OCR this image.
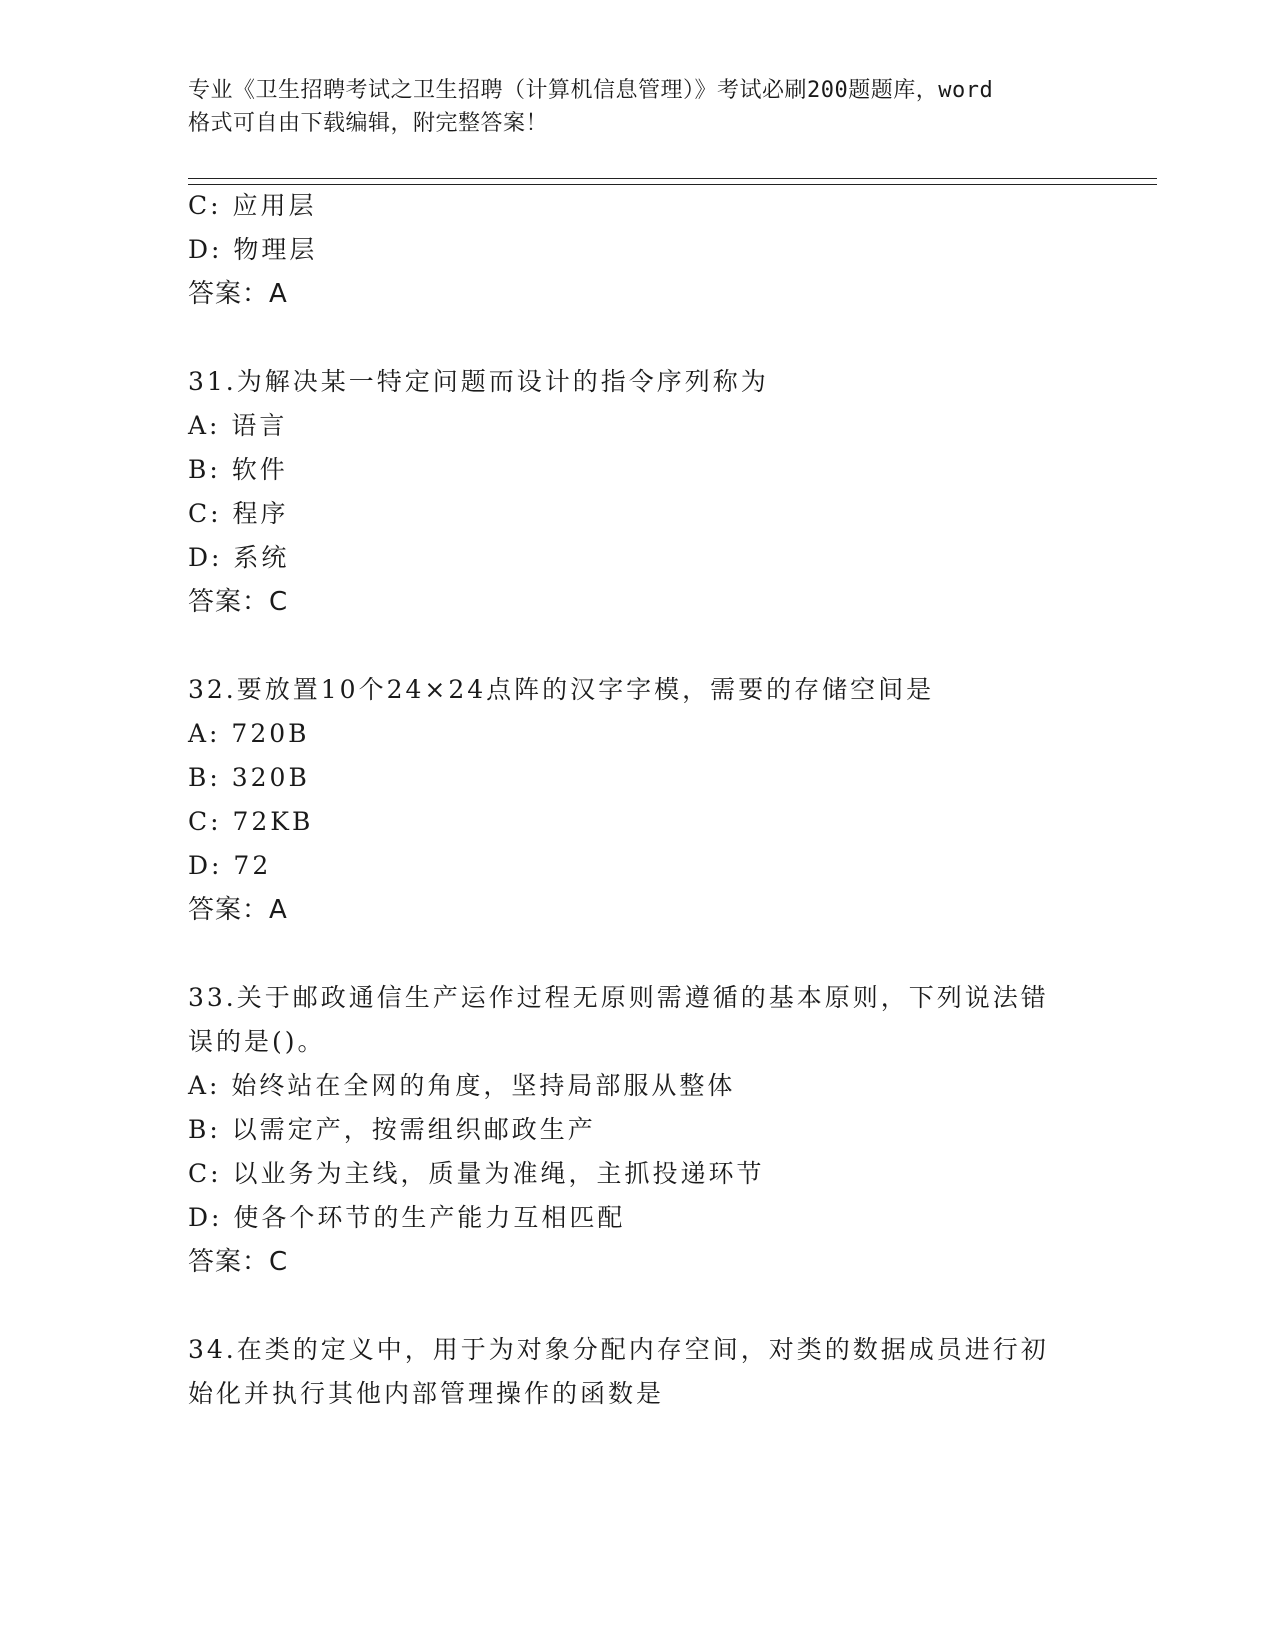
专业《卫生招聘考试之卫生招聘（计算机信息管理）》考试必刷200题题库，word
格式可自由下载编辑，附完整答案！
C: 应用层
D: 物理层
答案：A
31.为解决某一特定问题而设计的指令序列称为
A: 语言
B: 软件
C: 程序
D: 系统
答案：C
32.要放置10个24×24点阵的汉字字模，需要的存储空间是
A: 720B
B: 320B
C: 72KB
D: 72
答案：A
33.关于邮政通信生产运作过程无原则需遵循的基本原则，下列说法错
误的是()。
A: 始终站在全网的角度，坚持局部服从整体
B: 以需定产，按需组织邮政生产
C: 以业务为主线，质量为准绳，主抓投递环节
D: 使各个环节的生产能力互相匹配
答案：C
34.在类的定义中，用于为对象分配内存空间，对类的数据成员进行初
始化并执行其他内部管理操作的函数是
